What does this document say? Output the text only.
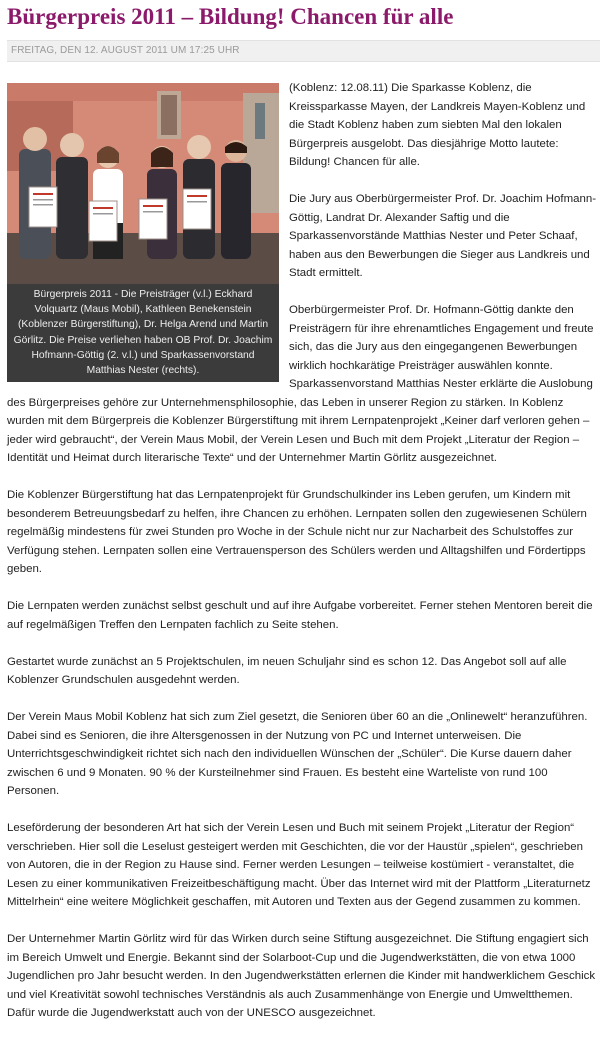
Bürgerpreis 2011 – Bildung! Chancen für alle
FREITAG, DEN 12. AUGUST 2011 UM 17:25 UHR
Bürgerpreis 2011 - Die Preisträger (v.l.) Eckhard Volquartz (Maus Mobil), Kathleen Benekenstein (Koblenzer Bürgerstiftung), Dr. Helga Arend und Martin Görlitz. Die Preise verliehen haben OB Prof. Dr. Joachim Hofmann-Göttig (2. v.l.) und Sparkassenvorstand Matthias Nester (rechts).

(Koblenz: 12.08.11) Die Sparkasse Koblenz, die Kreissparkasse Mayen, der Landkreis Mayen-Koblenz und die Stadt Koblenz haben zum siebten Mal den lokalen Bürgerpreis ausgelobt. Das diesjährige Motto lautete: Bildung! Chancen für alle.

Die Jury aus Oberbürgermeister Prof. Dr. Joachim Hofmann-Göttig, Landrat Dr. Alexander Saftig und die Sparkassenvorstände Matthias Nester und Peter Schaaf, haben aus den Bewerbungen die Sieger aus Landkreis und Stadt ermittelt.

Oberbürgermeister Prof. Dr. Hofmann-Göttig dankte den Preisträgern für ihre ehrenamtliches Engagement und freute sich, das die Jury aus den eingegangenen Bewerbungen wirklich hochkarätige Preisträger auswählen konnte. Sparkassenvorstand Matthias Nester erklärte die Auslobung des Bürgerpreises gehöre zur Unternehmensphilosophie, das Leben in unserer Region zu stärken. In Koblenz wurden mit dem Bürgerpreis die Koblenzer Bürgerstiftung mit ihrem Lernpatenprojekt „Keiner darf verloren gehen – jeder wird gebraucht“, der Verein Maus Mobil, der Verein Lesen und Buch mit dem Projekt „Literatur der Region – Identität und Heimat durch literarische Texte“ und der Unternehmer Martin Görlitz ausgezeichnet.

Die Koblenzer Bürgerstiftung hat das Lernpatenprojekt für Grundschulkinder ins Leben gerufen, um Kindern mit besonderem Betreuungsbedarf zu helfen, ihre Chancen zu erhöhen. Lernpaten sollen den zugewiesenen Schülern regelmäßig mindestens für zwei Stunden pro Woche in der Schule nicht nur zur Nacharbeit des Schulstoffes zur Verfügung stehen. Lernpaten sollen eine Vertrauensperson des Schülers werden und Alltagshilfen und Fördertipps geben.

Die Lernpaten werden zunächst selbst geschult und auf ihre Aufgabe vorbereitet. Ferner stehen Mentoren bereit die auf regelmäßigen Treffen den Lernpaten fachlich zu Seite stehen.

Gestartet wurde zunächst an 5 Projektschulen, im neuen Schuljahr sind es schon 12. Das Angebot soll auf alle Koblenzer Grundschulen ausgedehnt werden.

Der Verein Maus Mobil Koblenz hat sich zum Ziel gesetzt, die Senioren über 60 an die „Onlinewelt“ heranzuführen. Dabei sind es Senioren, die ihre Altersgenossen in der Nutzung von PC und Internet unterweisen. Die Unterrichtsgeschwindigkeit richtet sich nach den individuellen Wünschen der „Schüler“. Die Kurse dauern daher zwischen 6 und 9 Monaten. 90 % der Kursteilnehmer sind Frauen. Es besteht eine Warteliste von rund 100 Personen.

Leseförderung der besonderen Art hat sich der Verein Lesen und Buch mit seinem Projekt „Literatur der Region“ verschrieben. Hier soll die Leselust gesteigert werden mit Geschichten, die vor der Haustür „spielen“, geschrieben von Autoren, die in der Region zu Hause sind. Ferner werden Lesungen – teilweise kostümiert - veranstaltet, die Lesen zu einer kommunikativen Freizeitbeschäftigung macht. Über das Internet wird mit der Plattform „Literaturnetz Mittelrhein“ eine weitere Möglichkeit geschaffen, mit Autoren und Texten aus der Gegend zusammen zu kommen.

Der Unternehmer Martin Görlitz wird für das Wirken durch seine Stiftung ausgezeichnet. Die Stiftung engagiert sich im Bereich Umwelt und Energie. Bekannt sind der Solarboot-Cup und die Jugendwerkstätten, die von etwa 1000 Jugendlichen pro Jahr besucht werden. In den Jugendwerkstätten erlernen die Kinder mit handwerklichem Geschick und viel Kreativität sowohl technisches Verständnis als auch Zusammenhänge von Energie und Umweltthemen. Dafür wurde die Jugendwerkstatt auch von der UNESCO ausgezeichnet.
